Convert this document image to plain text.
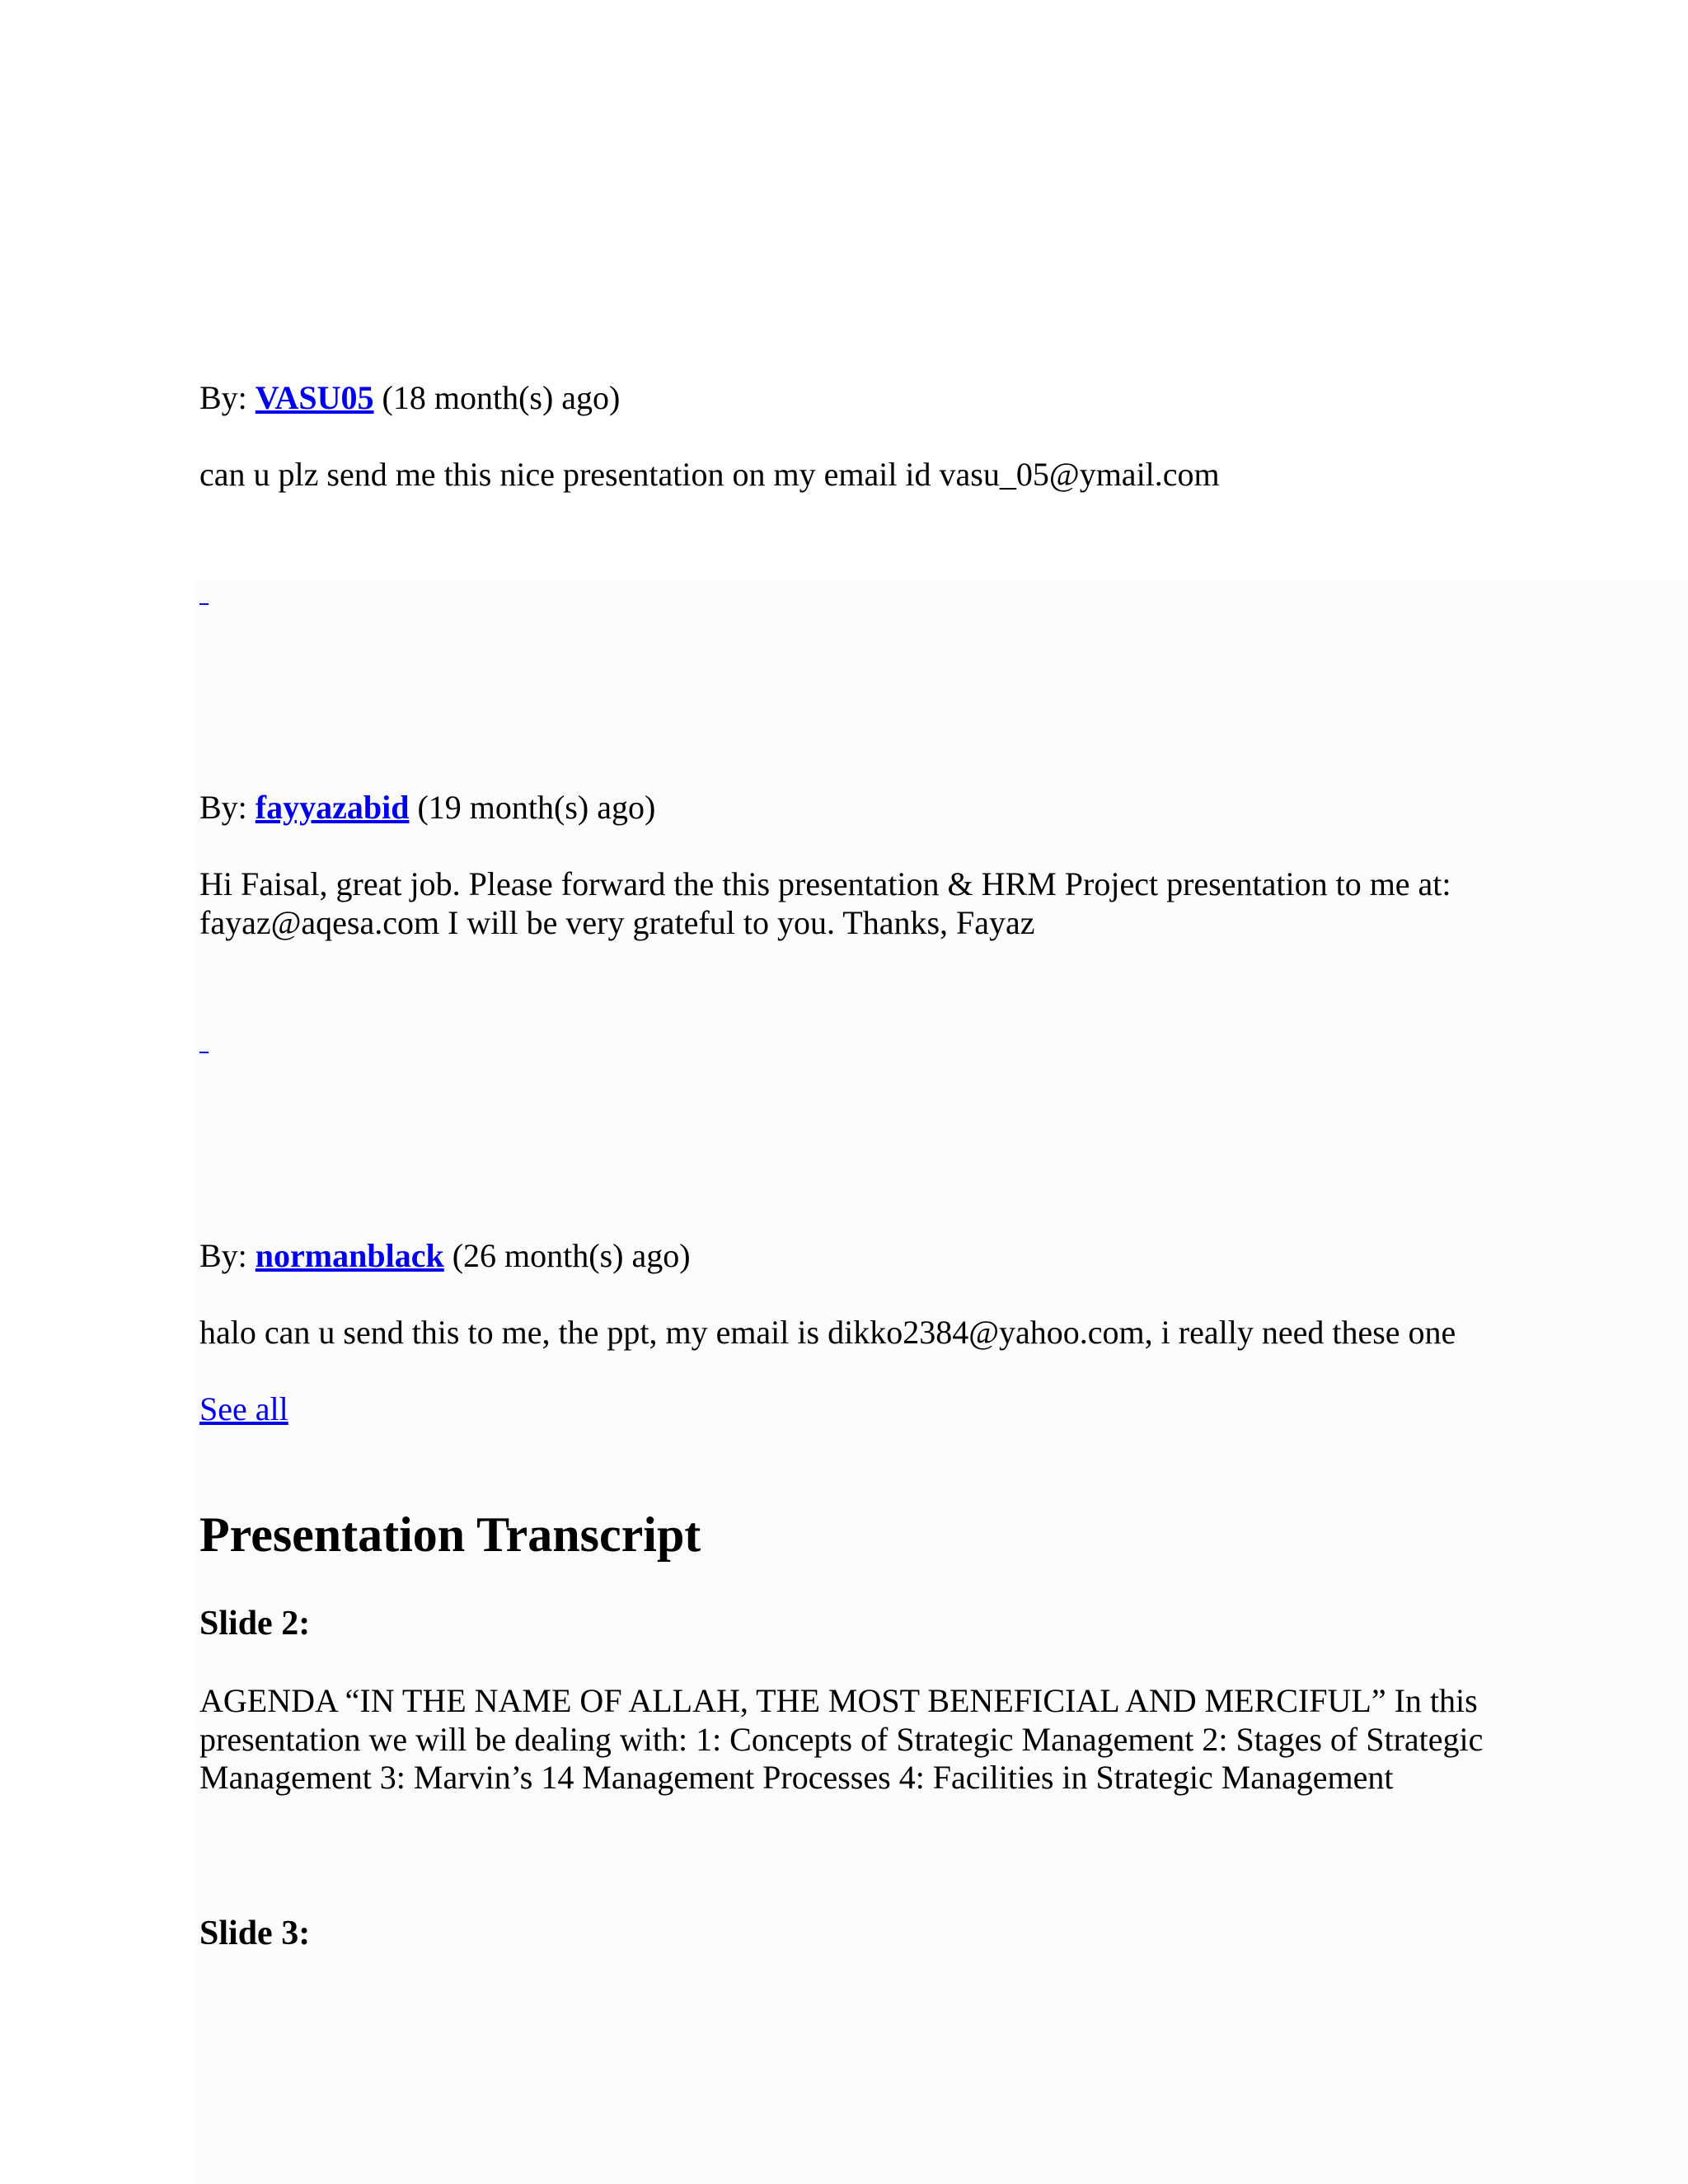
By: VASU05 (18 month(s) ago)

can u plz send me this nice presentation on my email id vasu_05@ymail.com

By: fayyazabid (19 month(s) ago)

Hi Faisal, great job. Please forward the this presentation & HRM Project presentation to me at: fayaz@aqesa.com I will be very grateful to you. Thanks, Fayaz

By: normanblack (26 month(s) ago)

halo can u send this to me, the ppt, my email is dikko2384@yahoo.com, i really need these one

See all

Presentation Transcript
Slide 2:

AGENDA “IN THE NAME OF ALLAH, THE MOST BENEFICIAL AND MERCIFUL” In this presentation we will be dealing with: 1: Concepts of Strategic Management 2: Stages of Strategic Management 3: Marvin’s 14 Management Processes 4: Facilities in Strategic Management

Slide 3:
